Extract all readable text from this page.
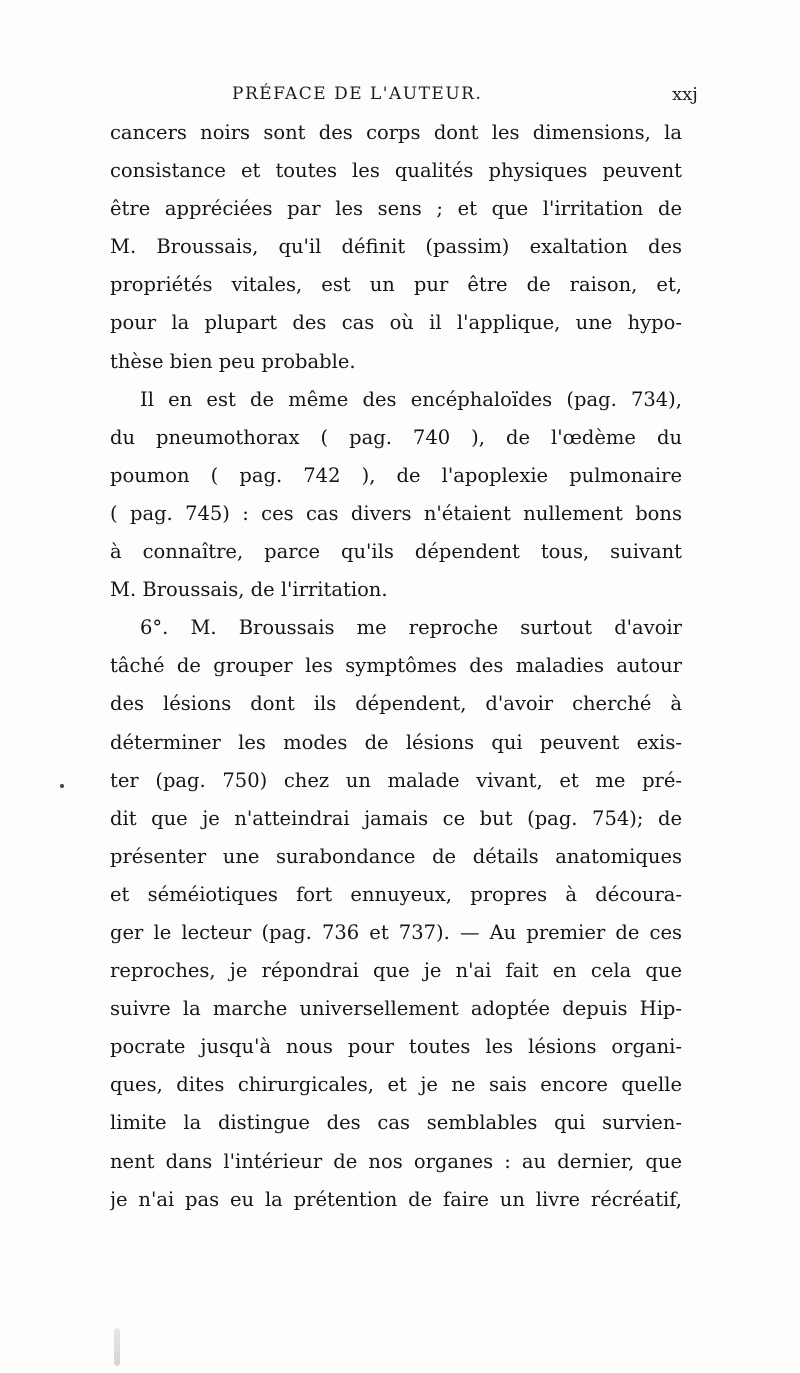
PRÉFACE DE L'AUTEUR.	xxj
cancers noirs sont des corps dont les dimensions, la
consistance et toutes les qualités physiques peuvent
être appréciées par les sens ; et que l'irritation de
M. Broussais, qu'il définit (passim) exaltation des
propriétés vitales, est un pur être de raison, et,
pour la plupart des cas où il l'applique, une hypo-
thèse bien peu probable.
Il en est de même des encéphaloïdes (pag. 734),
du pneumothorax ( pag. 740 ), de l'œdème du
poumon ( pag. 742 ), de l'apoplexie pulmonaire
( pag. 745) : ces cas divers n'étaient nullement bons
à connaître, parce qu'ils dépendent tous, suivant
M. Broussais, de l'irritation.
6°. M. Broussais me reproche surtout d'avoir
tâché de grouper les symptômes des maladies autour
des lésions dont ils dépendent, d'avoir cherché à
déterminer les modes de lésions qui peuvent exis-
ter (pag. 750) chez un malade vivant, et me pré-
dit que je n'atteindrai jamais ce but (pag. 754); de
présenter une surabondance de détails anatomiques
et séméiotiques fort ennuyeux, propres à découra-
ger le lecteur (pag. 736 et 737). — Au premier de ces
reproches, je répondrai que je n'ai fait en cela que
suivre la marche universellement adoptée depuis Hip-
pocrate jusqu'à nous pour toutes les lésions organi-
ques, dites chirurgicales, et je ne sais encore quelle
limite la distingue des cas semblables qui survien-
nent dans l'intérieur de nos organes : au dernier, que
je n'ai pas eu la prétention de faire un livre récréatif,
